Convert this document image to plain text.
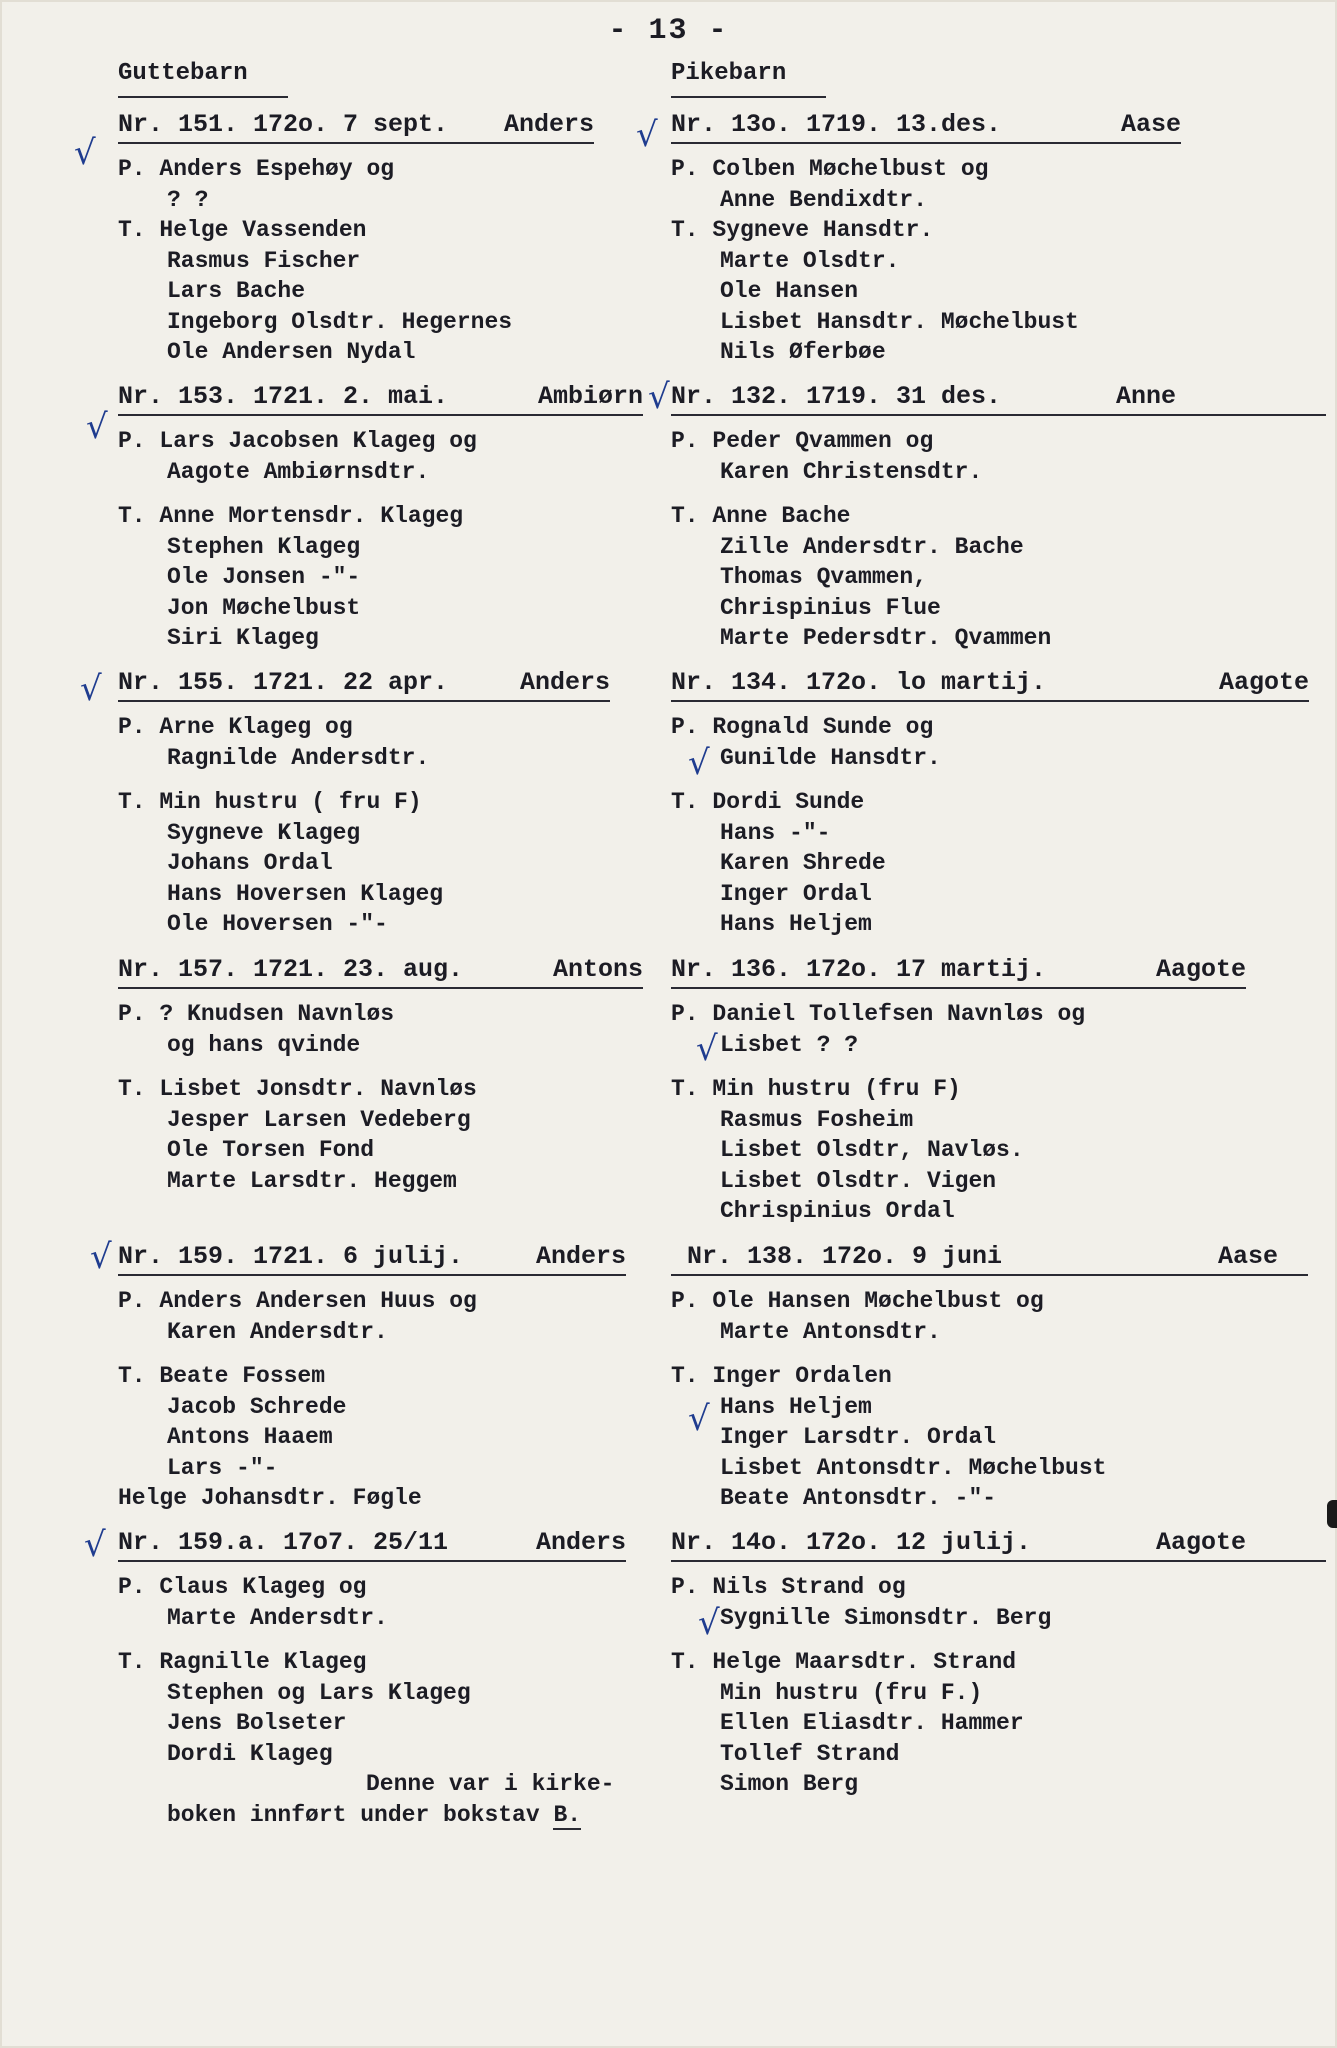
- 13 -
Guttebarn
Nr. 151. 172o. 7 sept. Anders
P. Anders Espehøy og
? ?
T. Helge Vassenden
Rasmus Fischer
Lars Bache
Ingeborg Olsdtr. Hegernes
Ole Andersen Nydal
Nr. 153. 1721. 2. mai.	Ambiørn
P. Lars Jacobsen Klageg og
Aagote Ambiørnsdtr.
T. Anne Mortensdr. Klageg
Stephen Klageg
Ole Jonsen -"-
Jon Møchelbust
Siri Klageg
Nr. 155. 1721. 22 apr.	Anders
P. Arne Klageg og
Ragnilde Andersdtr.
T. Min hustru ( fru F)
Sygneve Klageg
Johans Ordal
Hans Hoversen Klageg
Ole Hoversen -"-
Nr. 157. 1721. 23. aug.	Antons
P. ? Knudsen Navnløs
og hans qvinde
T. Lisbet Jonsdtr. Navnløs
Jesper Larsen Vedeberg
Ole Torsen Fond
Marte Larsdtr. Heggem
Nr. 159. 1721. 6 julij.	Anders
P. Anders Andersen Huus og
Karen Andersdtr.
T. Beate Fossem
Jacob Schrede
Antons Haaem
Lars -"-
Helge Johansdtr. Føgle
Nr. 159.a. 17o7. 25/11	Anders
P. Claus Klageg og
Marte Andersdtr.
T. Ragnille Klageg
Stephen og Lars Klageg
Jens Bolseter
Dordi Klageg
Denne var i kirke-
boken innført under bokstav B.
Pikebarn
Nr. 13o. 1719. 13.des.	Aase
P. Colben Møchelbust og
Anne Bendixdtr.
T. Sygneve Hansdtr.
Marte Olsdtr.
Ole Hansen
Lisbet Hansdtr. Møchelbust
Nils Øferbøe
Nr. 132. 1719. 31 des.	Anne
P. Peder Qvammen og
Karen Christensdtr.
T. Anne Bache
Zille Andersdtr. Bache
Thomas Qvammen,
Chrispinius Flue
Marte Pedersdtr. Qvammen
Nr. 134. 172o. lo martij.	Aagote
P. Rognald Sunde og
Gunilde Hansdtr.
T. Dordi Sunde
Hans -"-
Karen Shrede
Inger Ordal
Hans Heljem
Nr. 136. 172o. 17 martij.	Aagote
P. Daniel Tollefsen Navnløs og
Lisbet ? ?
T. Min hustru (fru F)
Rasmus Fosheim
Lisbet Olsdtr, Navløs.
Lisbet Olsdtr. Vigen
Chrispinius Ordal
Nr. 138. 172o. 9 juni	Aase
P. Ole Hansen Møchelbust og
Marte Antonsdtr.
T. Inger Ordalen
Hans Heljem
Inger Larsdtr. Ordal
Lisbet Antonsdtr. Møchelbust
Beate Antonsdtr. -"-
Nr. 14o. 172o. 12 julij.	Aagote
P. Nils Strand og
Sygnille Simonsdtr. Berg
T. Helge Maarsdtr. Strand
Min hustru (fru F.)
Ellen Eliasdtr. Hammer
Tollef Strand
Simon Berg
√	√
√
√
√
√
√
√
√
√
√
